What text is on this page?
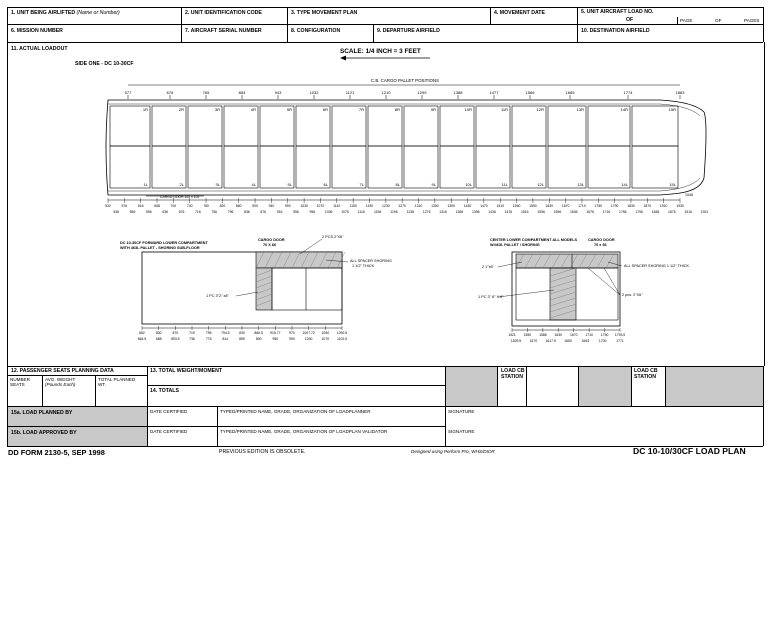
1. UNIT BEING AIRLIFTED (Name or Number)	2. UNIT IDENTIFICATION CODE	3. TYPE MOVEMENT PLAN	4. MOVEMENT DATE	5. UNIT AIRCRAFT LOAD NO.
OF	PAGE	OF	PAGES
6. MISSION NUMBER	7. AIRCRAFT SERIAL NUMBER	8. CONFIGURATION	9. DEPARTURE AIRFIELD	10. DESTINATION AIRFIELD
11. ACTUAL LOADOUT	SCALE: 1/4 INCH = 3 FEET
SIDE ONE - DC 10-30CF
C.B. CARGO PALLET POSITIONS
577	676	765	854	943	1032	1121	1210	1299	1388	1477	1566	1665	1774	1883
1R	2R	3R	4R	5R	6R	7R	8R	9R	10R	11R	12R	13R	14R	15R
1L	2L	3L	4L	5L	6L	7L	8L	9L	10L	11L	12L	13L	14L	15L
CARGO DOOR 102 x 102
532	576	616	658	700	740	780	820	860	900	940	990	1030	1070	1110	1150	1190	1230	1270	1310	1350	1390	1430	1470	1510	1550	1590	1630	1670	1710	1750	1790	1830	1870	1910	1930
536	556	596	636	676	716	756	796	836	876	916	956	996	1036	1076	1116	1156	1196	1236	1276	1316	1356	1396	1436	1476	1516	1556	1596	1636	1676	1716	1756	1796	1836	1876	1916	1931
1946
DC 10-30CF FORWARD LOWER COMPARTMENT
WITH 463L PALLET - SHORING SUB-FLOOR
CARGO DOOR
70 X 66
2 PCS 2"X6"
ALL SPACER SHORING
1 1/2" THICK
1 PC 3"2" x8"
682	830	870	719	795	794.5	830	866.5 915.77	970 1007.72 1050 1092.5
664.5	688	893.5	736	776	814	859	890	950	990	1030	1070 1102.5
CENTER LOWER COMPARTMENT ALL MODELS
W/463L PALLET / SHORING
CARGO DOOR
70 x 66
2 1"x6"	ALL SPACER SHORING 1 1/2" THICK
1 PC 3" 8" X 8"	2 pcs. 2"X6"
1521 1550 1586 1630 1670 1710 1750 1793.5
1529.5 1570 1617.5 1650	1663	1700	1771
12. PASSENGER SEATS PLANNING DATA
NUMBER
SEATS
AVG. WEIGHT
(Pounds Each)
TOTAL PLANNED
WT.
13. TOTAL WEIGHT/MOMENT
14. TOTALS
LOAD CB
STATION
LOAD CB
STATION
15a. LOAD PLANNED BY	DATE CERTIFIED	TYPED/PRINTED NAME, GRADE, ORGANIZATION OF LOADPLANNER	SIGNATURE
15b. LOAD APPROVED BY	DATE CERTIFIED	TYPED/PRINTED NAME, GRADE, ORGANIZATION OF LOADPLAN VALIDATOR	SIGNATURE
DD FORM 2130-5, SEP 1998	PREVIOUS EDITION IS OBSOLETE.	Designed using Perform Pro, WHS/DIOR	DC 10-10/30CF LOAD PLAN
